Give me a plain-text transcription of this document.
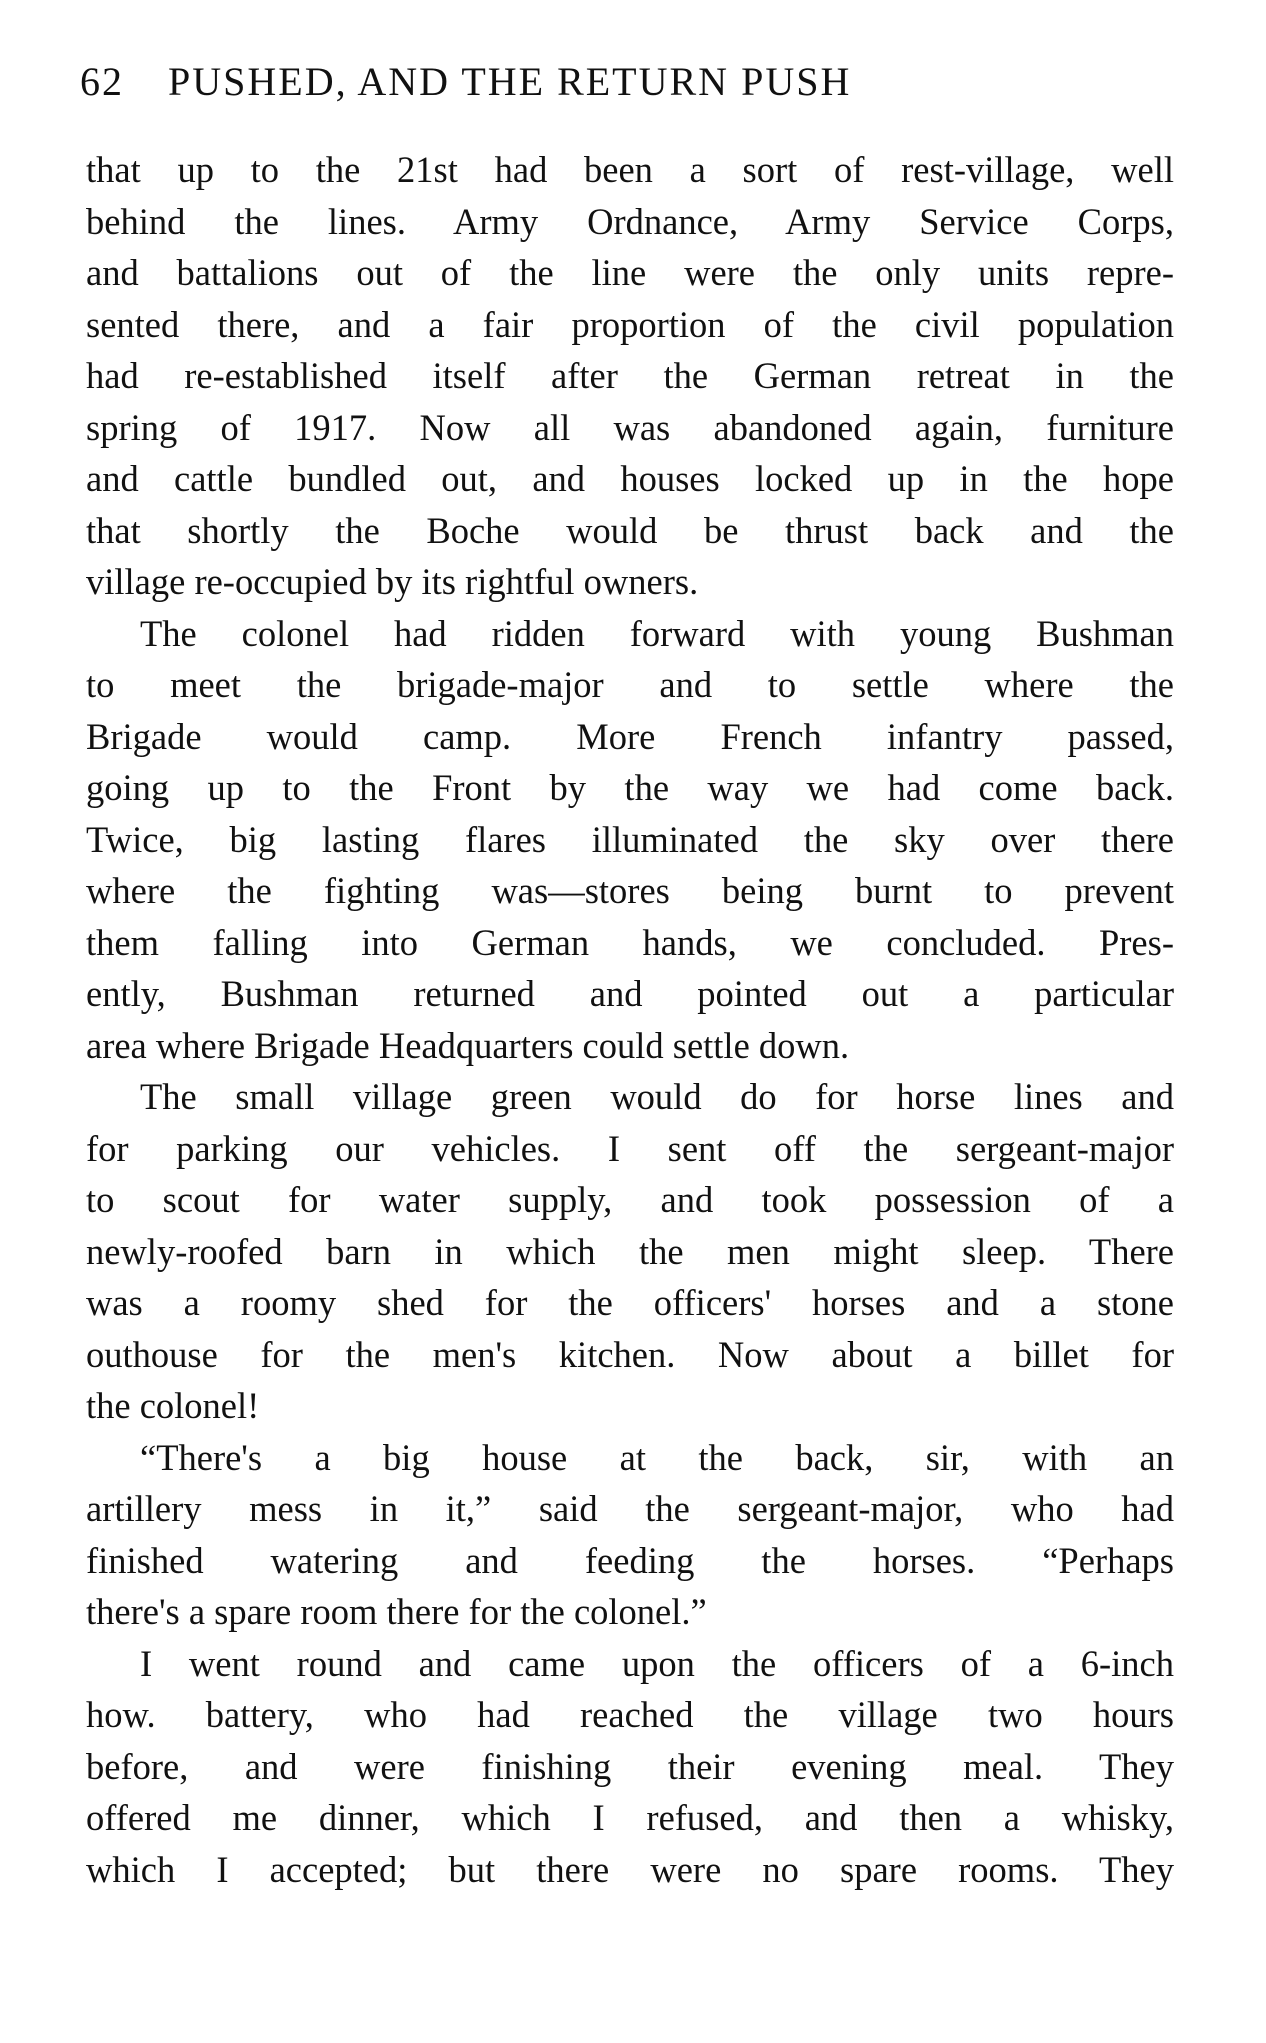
62 PUSHED, AND THE RETURN PUSH
that up to the 21st had been a sort of rest-village, well
behind the lines. Army Ordnance, Army Service Corps,
and battalions out of the line were the only units repre-
sented there, and a fair proportion of the civil population
had re-established itself after the German retreat in the
spring of 1917. Now all was abandoned again, furniture
and cattle bundled out, and houses locked up in the hope
that shortly the Boche would be thrust back and the
village re-occupied by its rightful owners.
The colonel had ridden forward with young Bushman
to meet the brigade-major and to settle where the
Brigade would camp. More French infantry passed,
going up to the Front by the way we had come back.
Twice, big lasting flares illuminated the sky over there
where the fighting was—stores being burnt to prevent
them falling into German hands, we concluded. Pres-
ently, Bushman returned and pointed out a particular
area where Brigade Headquarters could settle down.
The small village green would do for horse lines and
for parking our vehicles. I sent off the sergeant-major
to scout for water supply, and took possession of a
newly-roofed barn in which the men might sleep. There
was a roomy shed for the officers' horses and a stone
outhouse for the men's kitchen. Now about a billet for
the colonel!
“There's a big house at the back, sir, with an
artillery mess in it,” said the sergeant-major, who had
finished watering and feeding the horses. “Perhaps
there's a spare room there for the colonel.”
I went round and came upon the officers of a 6-inch
how. battery, who had reached the village two hours
before, and were finishing their evening meal. They
offered me dinner, which I refused, and then a whisky,
which I accepted; but there were no spare rooms. They
